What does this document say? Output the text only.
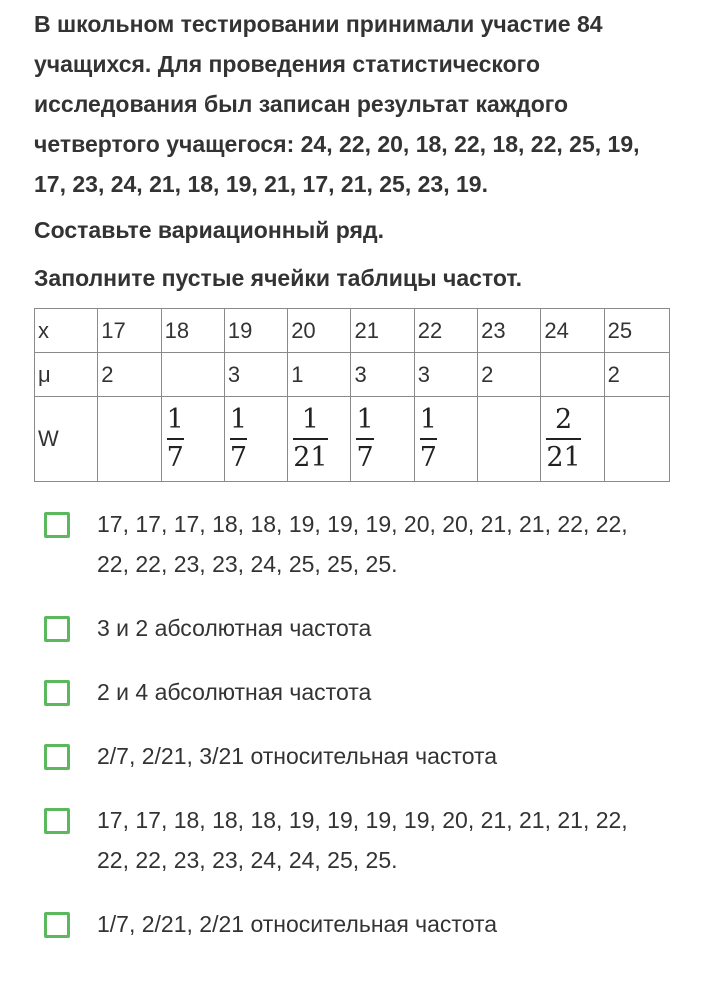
В школьном тестировании принимали участие 84 учащихся. Для проведения статистического исследования был записан результат каждого четвертого учащегося: 24, 22, 20, 18, 22, 18, 22, 25, 19, 17, 23, 24, 21, 18, 19, 21, 17, 21, 25, 23, 19.
Составьте вариационный ряд.
Заполните пустые ячейки таблицы частот.
x	17	18	19	20	21	22	23	24	25
μ	2		3	1	3	3	2		2
W		$\frac{1}{7}$	$\frac{1}{7}$	$\frac{1}{21}$	$\frac{1}{7}$	$\frac{1}{7}$		$\frac{2}{21}$

17, 17, 17, 18, 18, 19, 19, 19, 20, 20, 21, 21, 22, 22, 22, 22, 23, 23, 24, 25, 25, 25.
3 и 2 абсолютная частота
2 и 4 абсолютная частота
2/7, 2/21, 3/21 относительная частота
17, 17, 18, 18, 18, 19, 19, 19, 19, 20, 21, 21, 21, 22, 22, 22, 23, 23, 24, 24, 25, 25.
1/7, 2/21, 2/21 относительная частота
